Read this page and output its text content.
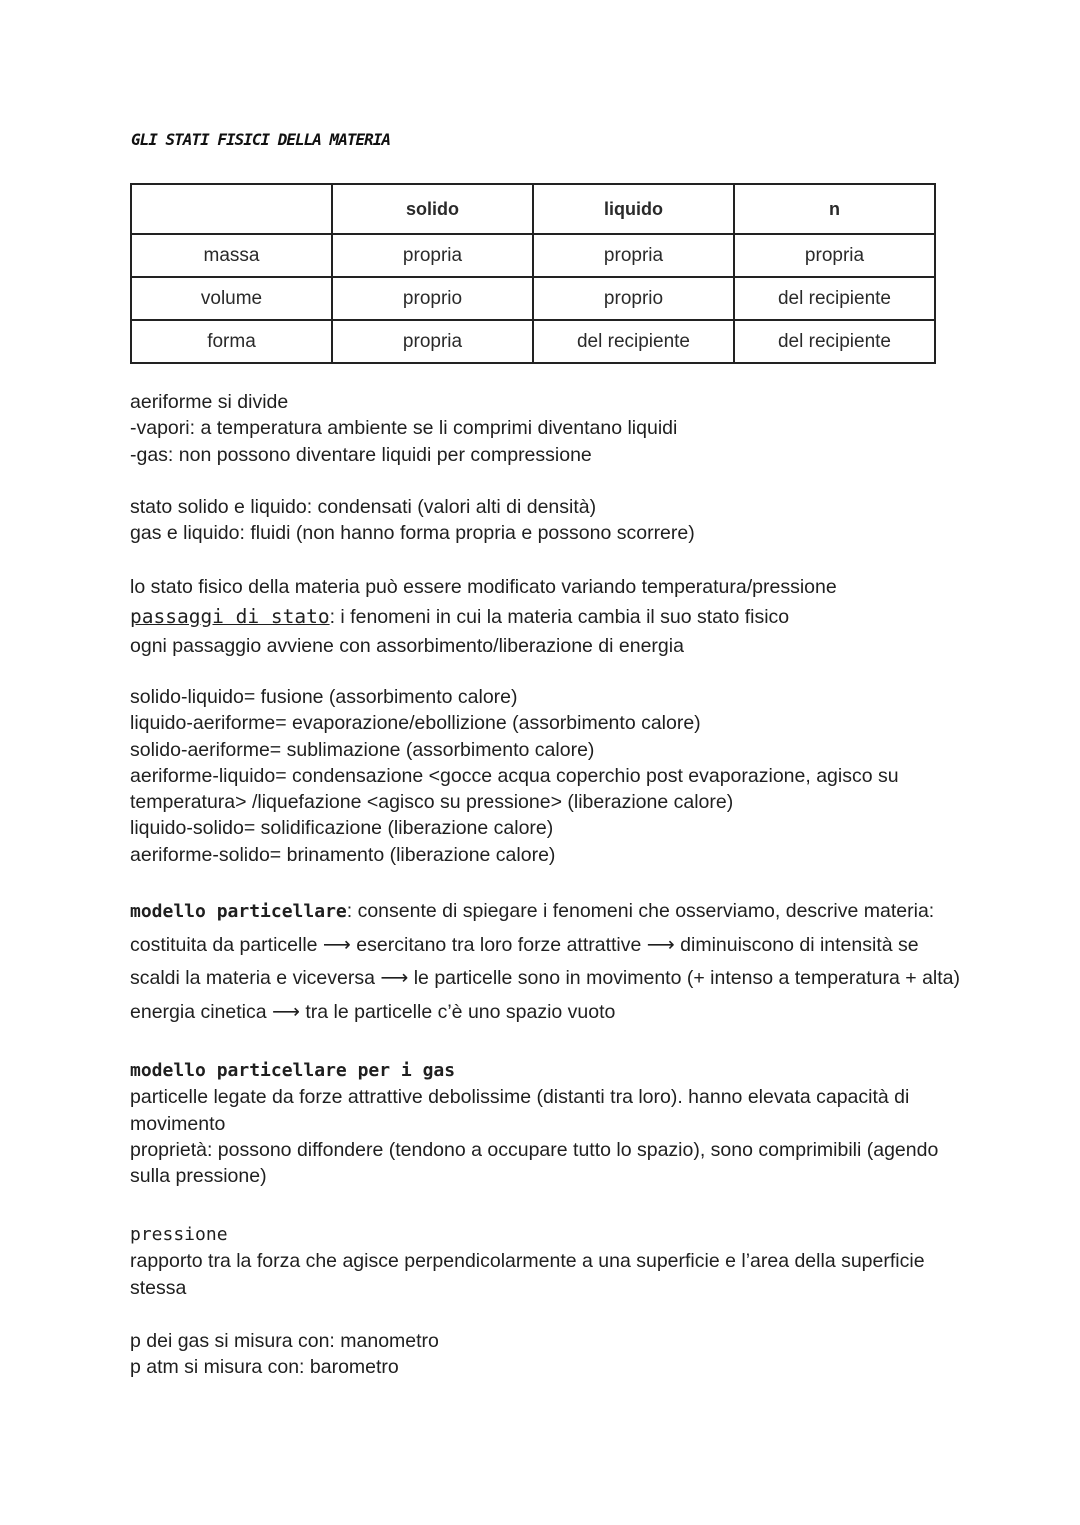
GLI STATI FISICI DELLA MATERIA
	solido	liquido	n
massa	propria	propria	propria
volume	proprio	proprio	del recipiente
forma	propria	del recipiente	del recipiente

aeriforme si divide

-vapori: a temperatura ambiente se li comprimi diventano liquidi

-gas: non possono diventare liquidi per compressione

stato solido e liquido: condensati (valori alti di densità)

gas e liquido: fluidi (non hanno forma propria e possono scorrere)

lo stato fisico della materia può essere modificato variando temperatura/pressione

passaggi di stato: i fenomeni in cui la materia cambia il suo stato fisico

ogni passaggio avviene con assorbimento/liberazione di energia

solido-liquido= fusione (assorbimento calore)

liquido-aeriforme= evaporazione/ebollizione (assorbimento calore)

solido-aeriforme= sublimazione (assorbimento calore)

aeriforme-liquido= condensazione <gocce acqua coperchio post evaporazione, agisco su temperatura> /liquefazione <agisco su pressione> (liberazione calore)

liquido-solido= solidificazione (liberazione calore)

aeriforme-solido= brinamento (liberazione calore)

modello particellare: consente di spiegare i fenomeni che osserviamo, descrive materia: costituita da particelle ⟶ esercitano tra loro forze attrattive ⟶ diminuiscono di intensità se scaldi la materia e viceversa ⟶ le particelle sono in movimento (+ intenso a temperatura + alta) energia cinetica ⟶ tra le particelle c’è uno spazio vuoto

modello particellare per i gas

particelle legate da forze attrattive debolissime (distanti tra loro). hanno elevata capacità di movimento

proprietà: possono diffondere (tendono a occupare tutto lo spazio), sono comprimibili (agendo sulla pressione)

pressione

rapporto tra la forza che agisce perpendicolarmente a una superficie e l’area della superficie stessa

p dei gas si misura con: manometro

p atm si misura con: barometro
